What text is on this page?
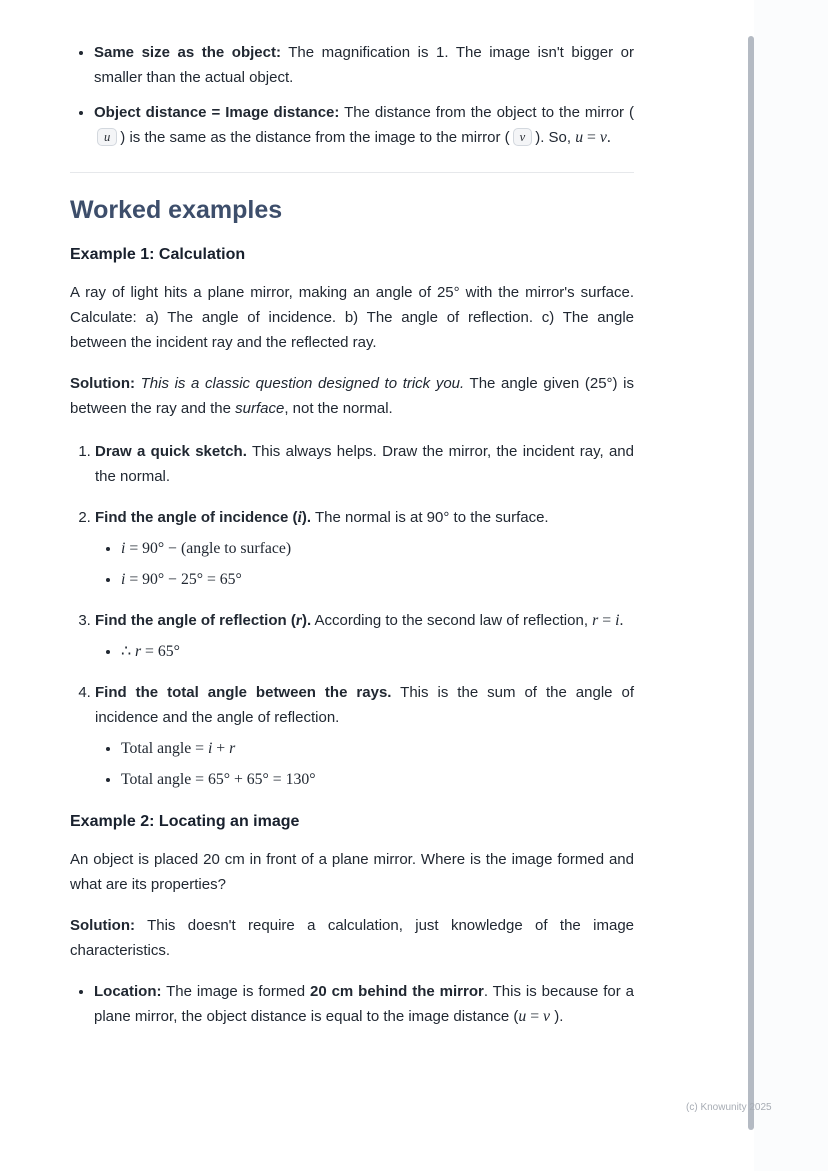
• Same size as the object: The magnification is 1. The image isn't bigger or smaller than the actual object.
• Object distance = Image distance: The distance from the object to the mirror (u ) is the same as the distance from the image to the mirror ( v ). So, u = v.
Worked examples
Example 1: Calculation

A ray of light hits a plane mirror, making an angle of 25° with the mirror's surface. Calculate: a) The angle of incidence. b) The angle of reflection. c) The angle between the incident ray and the reflected ray.

Solution: This is a classic question designed to trick you. The angle given (25°) is between the ray and the surface, not the normal.

1. Draw a quick sketch. This always helps. Draw the mirror, the incident ray, and the normal.
2. Find the angle of incidence (i). The normal is at 90° to the surface.
• i = 90° − (angle to surface)
• i = 90° − 25° = 65°
3. Find the angle of reflection (r). According to the second law of reflection, r = i.
• ∴ r = 65°
4. Find the total angle between the rays. This is the sum of the angle of incidence and the angle of reflection.
• Total angle = i + r
• Total angle = 65° + 65° = 130°
Example 2: Locating an image

An object is placed 20 cm in front of a plane mirror. Where is the image formed and what are its properties?

Solution: This doesn't require a calculation, just knowledge of the image characteristics.

• Location: The image is formed 20 cm behind the mirror. This is because for a plane mirror, the object distance is equal to the image distance (u = v ).
(c) Knowunity 2025
